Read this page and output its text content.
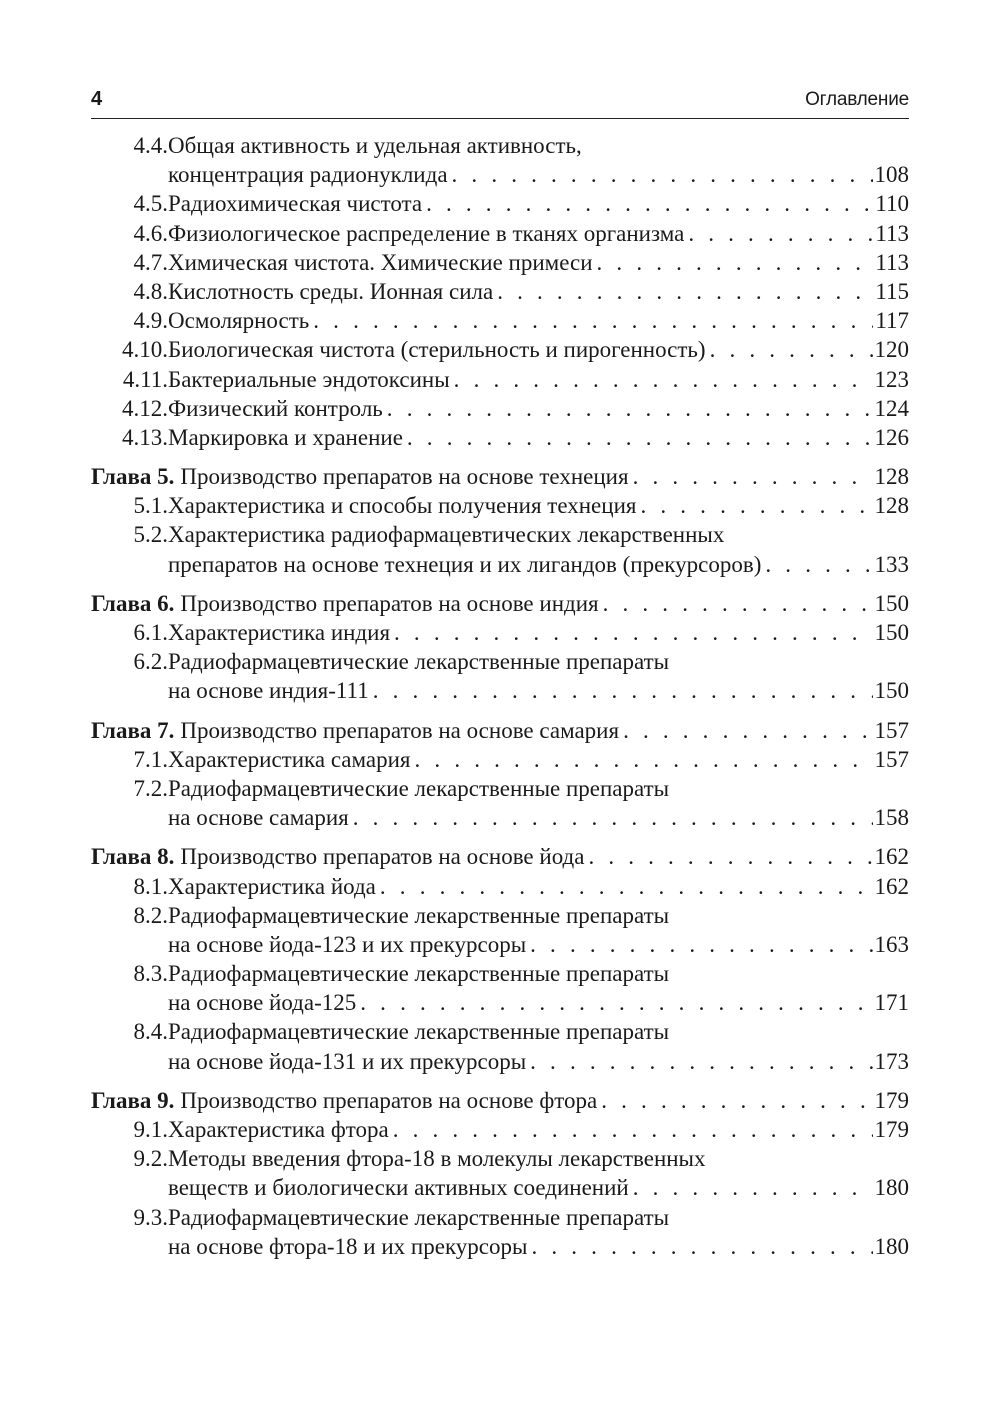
4	Оглавление
4.4. Общая активность и удельная активность,
концентрация радионуклида . . .	108
4.5. Радиохимическая чистота . . .	110
4.6. Физиологическое распределение в тканях организма . . .	113
4.7. Химическая чистота. Химические примеси . . .	113
4.8. Кислотность среды. Ионная сила . . .	115
4.9. Осмолярность . . .	117
4.10. Биологическая чистота (стерильность и пирогенность) . . .	120
4.11. Бактериальные эндотоксины . . .	123
4.12. Физический контроль . . .	124
4.13. Маркировка и хранение . . .	126
Глава 5. Производство препаратов на основе технеция . . .	128
5.1. Характеристика и способы получения технеция . . .	128
5.2. Характеристика радиофармацевтических лекарственных
препаратов на основе технеция и их лигандов (прекурсоров) . . .	133
Глава 6. Производство препаратов на основе индия . . .	150
6.1. Характеристика индия . . .	150
6.2. Радиофармацевтические лекарственные препараты
на основе индия-111 . . .	150
Глава 7. Производство препаратов на основе самария . . .	157
7.1. Характеристика самария . . .	157
7.2. Радиофармацевтические лекарственные препараты
на основе самария . . .	158
Глава 8. Производство препаратов на основе йода . . .	162
8.1. Характеристика йода . . .	162
8.2. Радиофармацевтические лекарственные препараты
на основе йода-123 и их прекурсоры . . .	163
8.3. Радиофармацевтические лекарственные препараты
на основе йода-125 . . .	171
8.4. Радиофармацевтические лекарственные препараты
на основе йода-131 и их прекурсоры . . .	173
Глава 9. Производство препаратов на основе фтора . . .	179
9.1. Характеристика фтора . . .	179
9.2. Методы введения фтора-18 в молекулы лекарственных
веществ и биологически активных соединений . . .	180
9.3. Радиофармацевтические лекарственные препараты
на основе фтора-18 и их прекурсоры . . .	180
